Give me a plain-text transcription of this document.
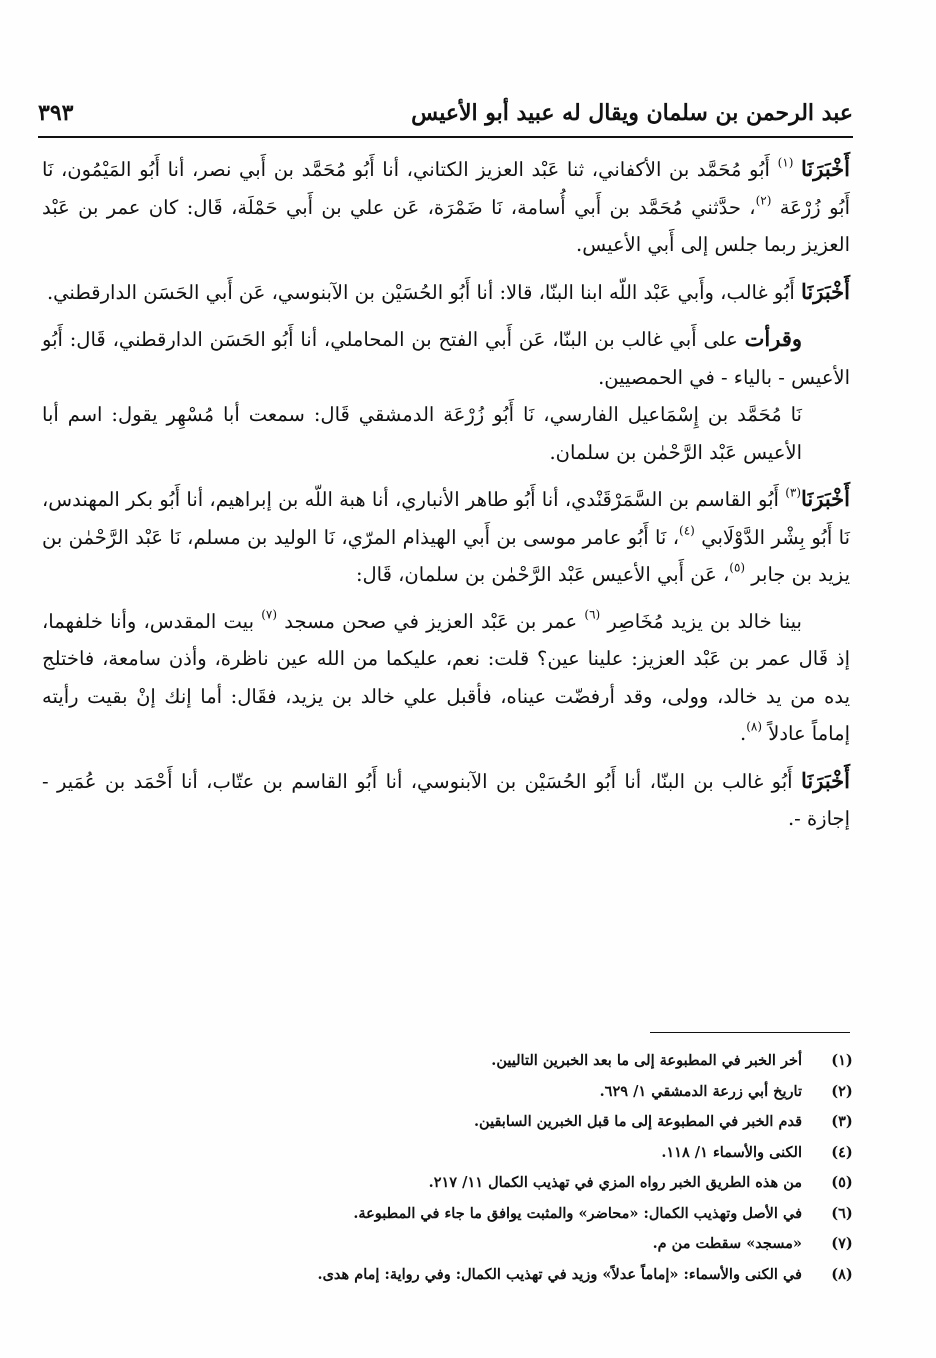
عبد الرحمن بن سلمان ويقال له عبيد أبو الأعيس
٣٩٣

أَخْبَرَنَا $^{(١)}$ أَبُو مُحَمَّد بن الأكفاني، ثنا عَبْد العزيز الكتاني، أنا أَبُو مُحَمَّد بن أَبي نصر، أنا أَبُو المَيْمُون، نَا أَبُو زُرْعَة $^{(٢)}$، حدَّثني مُحَمَّد بن أَبي أُسامة، نَا ضَمْرَة، عَن علي بن أَبي حَمْلَة، قَال: كان عمر بن عَبْد العزيز ربما جلس إلى أَبي الأعيس.

أَخْبَرَنَا أَبُو غالب، وأَبي عَبْد اللّه ابنا البنّا، قالا: أنا أَبُو الحُسَيْن بن الآبنوسي، عَن أَبي الحَسَن الدارقطني.

وقرأت على أَبي غالب بن البنّا، عَن أَبي الفتح بن المحاملي، أنا أَبُو الحَسَن الدارقطني، قَال: أَبُو الأعيس - بالياء - في الحمصيين.

نَا مُحَمَّد بن إِسْمَاعيل الفارسي، نَا أَبُو زُرْعَة الدمشقي قَال: سمعت أبا مُسْهِر يقول: اسم أبا الأعيس عَبْد الرَّحْمٰن بن سلمان.

أَخْبَرَنَا$^{(٣)}$ أَبُو القاسم بن السَّمَرْقَنْدي، أنا أَبُو طاهر الأنباري، أنا هبة اللّه بن إبراهيم، أنا أَبُو بكر المهندس، نَا أَبُو بِشْر الدَّوْلَابي $^{(٤)}$، نَا أَبُو عامر موسى بن أَبي الهيذام المرّي، نَا الوليد بن مسلم، نَا عَبْد الرَّحْمٰن بن يزيد بن جابر $^{(٥)}$، عَن أَبي الأعيس عَبْد الرَّحْمٰن بن سلمان، قَال:

بينا خالد بن يزيد مُخَاصِر $^{(٦)}$ عمر بن عَبْد العزيز في صحن مسجد $^{(٧)}$ بيت المقدس، وأنا خلفهما، إذ قَال عمر بن عَبْد العزيز: علينا عين؟ قلت: نعم، عليكما من الله عين ناظرة، وأذن سامعة، فاختلج يده من يد خالد، وولى، وقد أرفضّت عيناه، فأقبل علي خالد بن يزيد، فقَال: أما إنك إنْ بقيت رأيته إماماً عادلاً $^{(٨)}$.

أَخْبَرَنَا أَبُو غالب بن البنّا، أنا أَبُو الحُسَيْن بن الآبنوسي، أنا أَبُو القاسم بن عتّاب، أنا أَحْمَد بن عُمَير - إجازة -.

(١)
أخر الخبر في المطبوعة إلى ما بعد الخبرين التاليين.
(٢)
تاريخ أبي زرعة الدمشقي ١/ ٦٢٩.
(٣)
قدم الخبر في المطبوعة إلى ما قبل الخبرين السابقين.
(٤)
الكنى والأسماء ١/ ١١٨.
(٥)
من هذه الطريق الخبر رواه المزي في تهذيب الكمال ١١/ ٢١٧.
(٦)
في الأصل وتهذيب الكمال: «محاضر» والمثبت يوافق ما جاء في المطبوعة.
(٧)
«مسجد» سقطت من م.
(٨)
في الكنى والأسماء: «إماماً عدلاً» وزيد في تهذيب الكمال: وفي رواية: إمام هدى.
